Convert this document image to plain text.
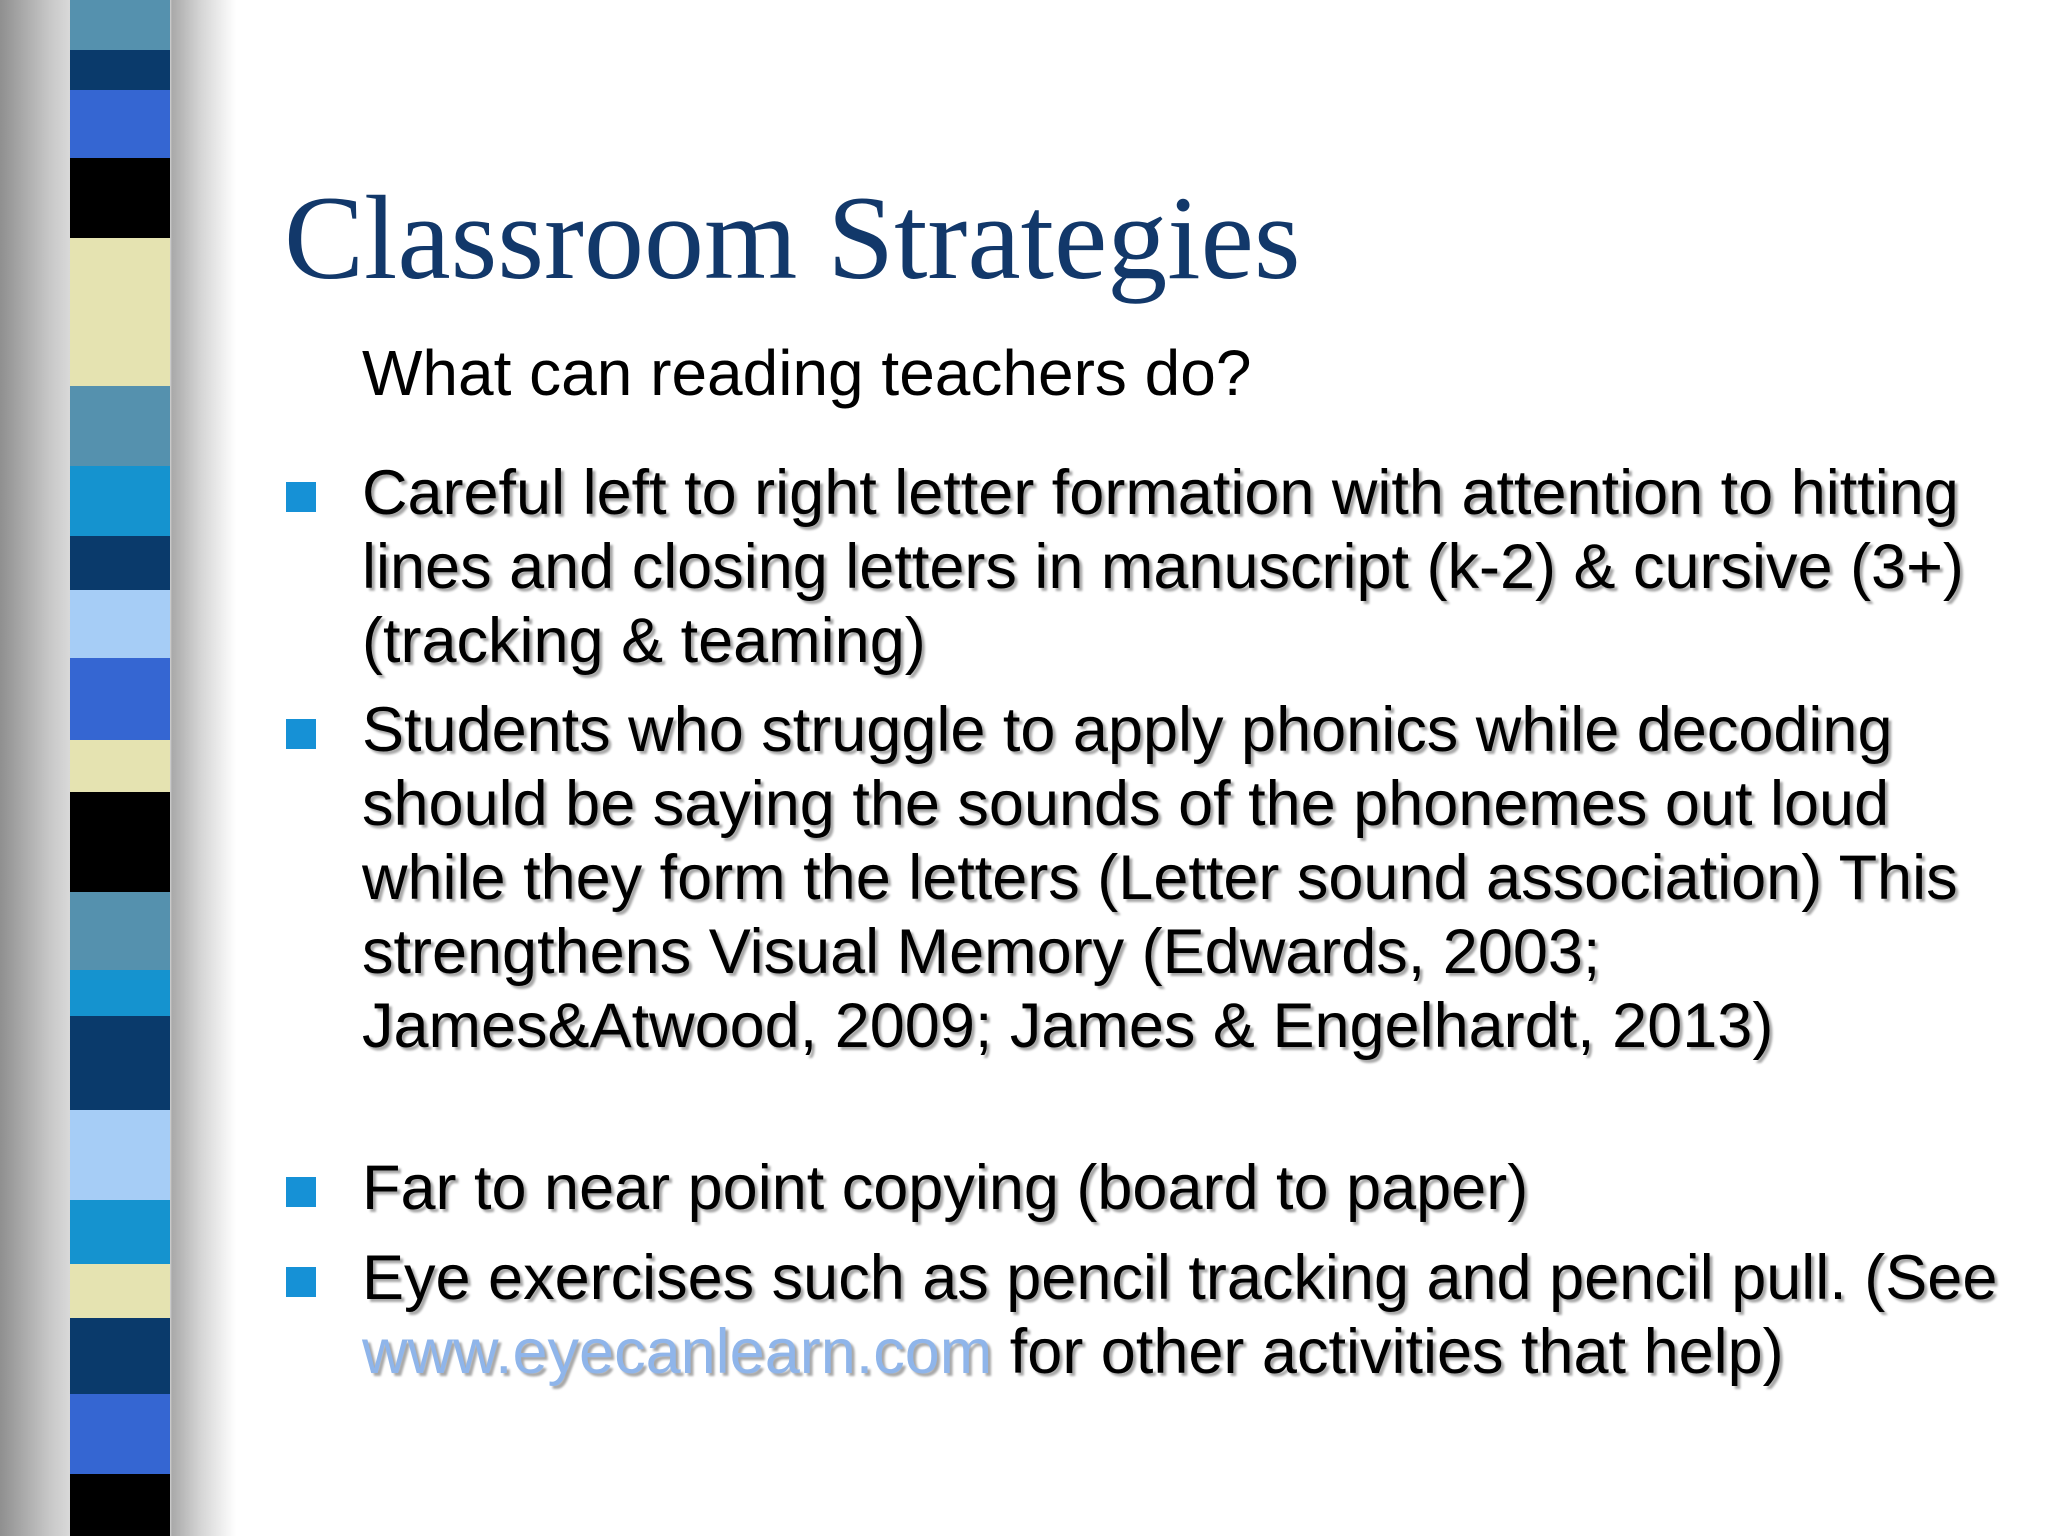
Classroom Strategies
What can reading teachers do?
Careful left to right letter formation with attention to hitting lines and closing letters in manuscript (k-2) & cursive (3+) (tracking & teaming)
Students who struggle to apply phonics while decoding should be saying the sounds of the phonemes out loud while they form the letters (Letter sound association) This strengthens Visual Memory (Edwards, 2003; James&Atwood, 2009; James & Engelhardt, 2013)
Far to near point copying (board to paper)
Eye exercises such as pencil tracking and pencil pull. (See www.eyecanlearn.com for other activities that help)
